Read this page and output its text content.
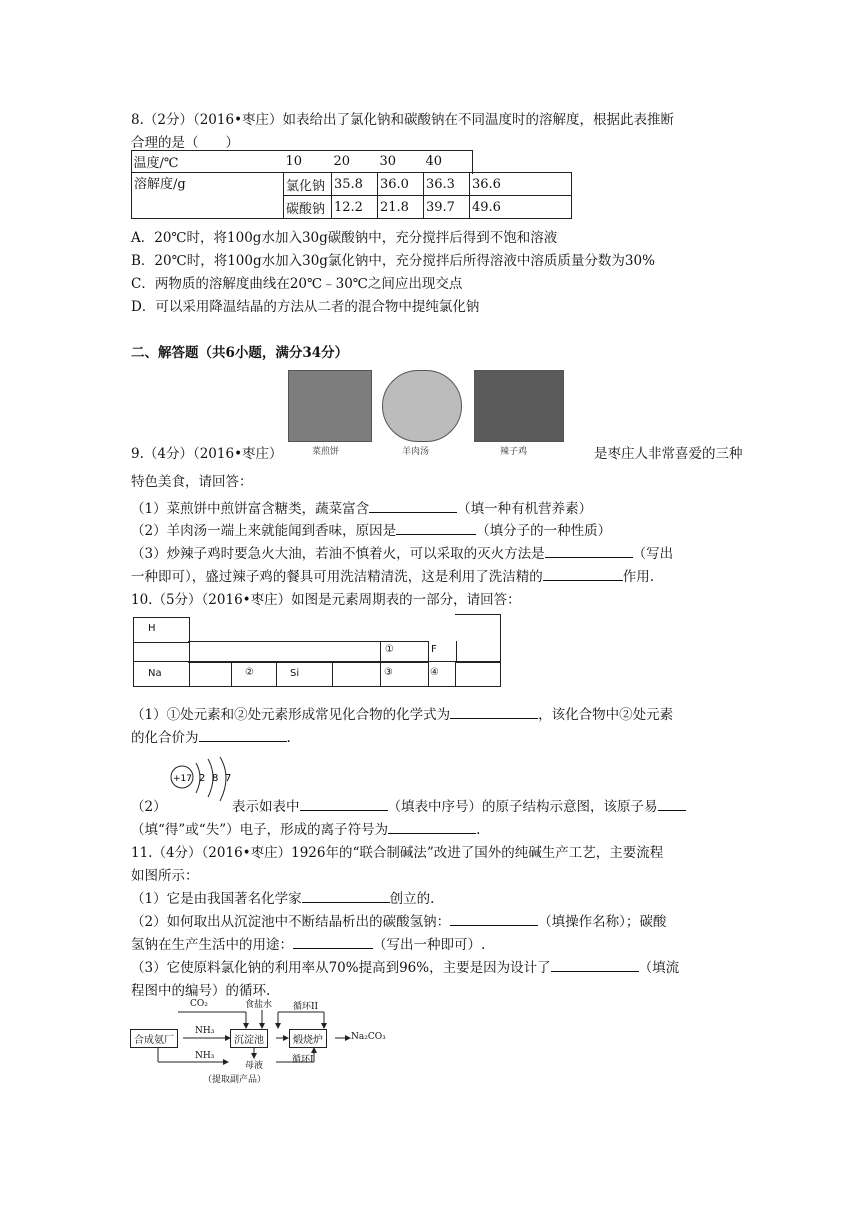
8.（2分）（2016•枣庄）如表给出了氯化钠和碳酸钠在不同温度时的溶解度，根据此表推断
合理的是（　　）
温度/℃	10	20	30	40	
溶解度/g	氯化钠	35.8	36.0	36.3	36.6
	碳酸钠	12.2	21.8	39.7	49.6
A．20℃时，将100g水加入30g碳酸钠中，充分搅拌后得到不饱和溶液
B．20℃时，将100g水加入30g氯化钠中，充分搅拌后所得溶液中溶质质量分数为30%
C．两物质的溶解度曲线在20℃﹣30℃之间应出现交点
D．可以采用降温结晶的方法从二者的混合物中提纯氯化钠
二、解答题（共6小题，满分34分）
菜煎饼	羊肉汤	辣子鸡
9.（4分）（2016•枣庄）	是枣庄人非常喜爱的三种
特色美食，请回答：
（1）菜煎饼中煎饼富含糖类，蔬菜富含	（填一种有机营养素）
（2）羊肉汤一端上来就能闻到香味，原因是	（填分子的一种性质）
（3）炒辣子鸡时要急火大油，若油不慎着火，可以采取的灭火方法是	（写出
一种即可），盛过辣子鸡的餐具可用洗洁精清洗，这是利用了洗洁精的	作用.
10.（5分）（2016•枣庄）如图是元素周期表的一部分，请回答：
H
①	F
Na	②	Si	③	④
（1）①处元素和②处元素形成常见化合物的化学式为	，该化合物中②处元素
的化合价为	.
+17 2 8 7
（2）	表示如表中	（填表中序号）的原子结构示意图，该原子易
（填“得”或“失”）电子，形成的离子符号为	.
11.（4分）（2016•枣庄）1926年的“联合制碱法”改进了国外的纯碱生产工艺，主要流程
如图所示：
（1）它是由我国著名化学家	创立的.
（2）如何取出从沉淀池中不断结晶析出的碳酸氢钠：	（填操作名称）；碳酸
氢钠在生产生活中的用途：	（写出一种即可）.
（3）它使原料氯化钠的利用率从70%提高到96%，主要是因为设计了	（填流
程图中的编号）的循环.
合成氨厂	沉淀池	煅烧炉	Na₂CO₃
CO₂	食盐水 循环II
NH₃
NH₃
母液
循环I
（提取副产品）
